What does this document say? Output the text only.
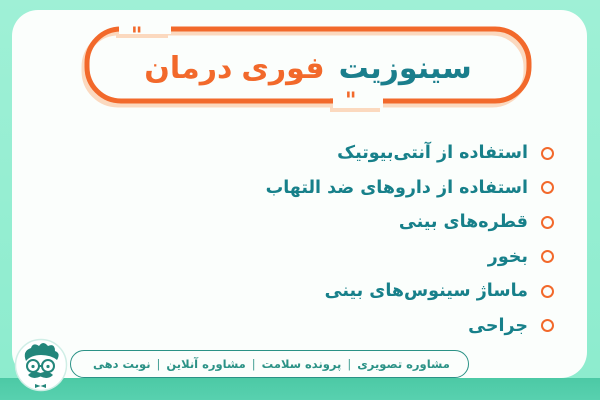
"
"
درمان فوری سینوزیت
استفاده از آنتی‌بیوتیک
استفاده از داروهای ضد التهاب
قطره‌های بینی
بخور
ماساژ سینوس‌های بینی
جراحی
نوبت دهی | مشاوره آنلاین | پرونده سلامت | مشاوره تصویری
